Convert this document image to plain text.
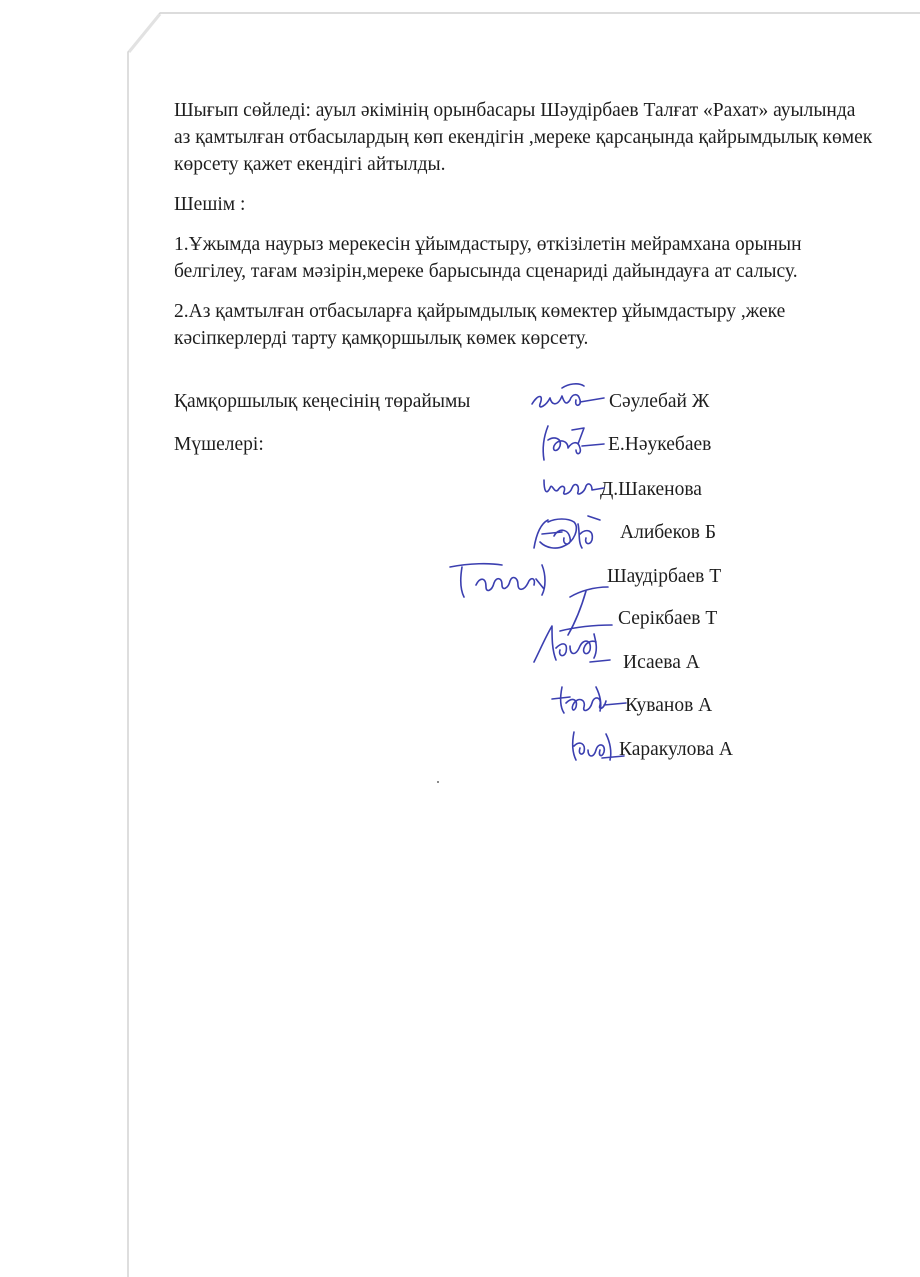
Шығып сөйледі: ауыл әкімінің орынбасары Шәудірбаев Талғат «Рахат» ауылында аз қамтылған отбасылардың көп екендігін ,мереке қарсаңында қайрымдылық көмек көрсету қажет екендігі айтылды.

Шешім :

1.Ұжымда наурыз мерекесін ұйымдастыру, өткізілетін мейрамхана орынын белгілеу, тағам мәзірін,мереке барысында сценариді дайындауға ат салысу.

2.Аз қамтылған отбасыларға қайрымдылық көмектер ұйымдастыру ,жеке кәсіпкерлерді тарту қамқоршылық көмек көрсету.

Қамқоршылық кеңесінің төрайымы
Мүшелері:
Сәулебай Ж
Е.Нәукебаев
Д.Шакенова
Алибеков Б
Шаудірбаев Т
Серікбаев Т
Исаева А
Куванов А
Каракулова А
